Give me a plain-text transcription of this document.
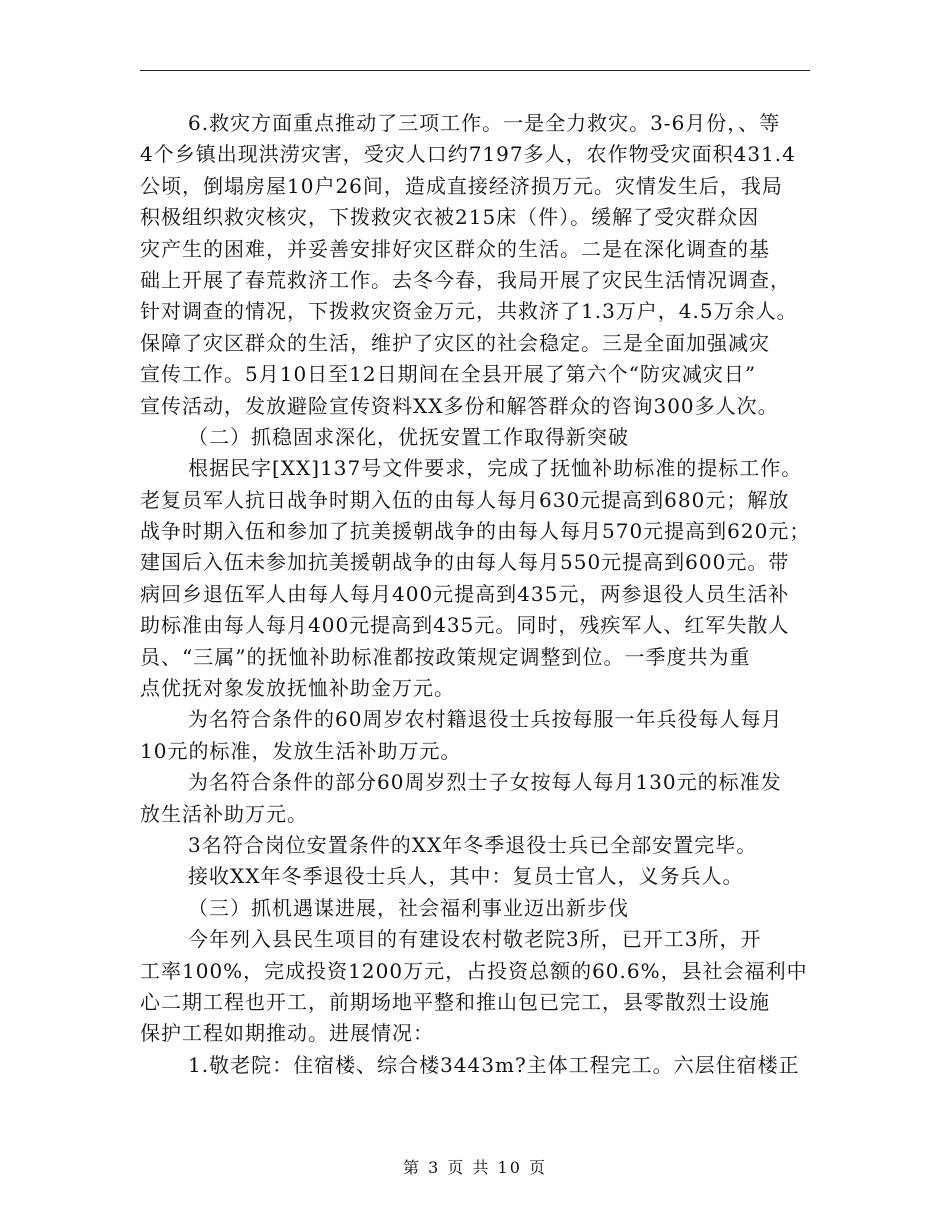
6.救灾方面重点推动了三项工作。一是全力救灾。3-6月份，、等
4个乡镇出现洪涝灾害，受灾人口约7197多人，农作物受灾面积431.4
公顷，倒塌房屋10户26间，造成直接经济损万元。灾情发生后，我局
积极组织救灾核灾，下拨救灾衣被215床（件）。缓解了受灾群众因
灾产生的困难，并妥善安排好灾区群众的生活。二是在深化调查的基
础上开展了春荒救济工作。去冬今春，我局开展了灾民生活情况调查，
针对调查的情况，下拨救灾资金万元，共救济了1.3万户，4.5万余人。
保障了灾区群众的生活，维护了灾区的社会稳定。三是全面加强减灾
宣传工作。5月10日至12日期间在全县开展了第六个“防灾减灾日”
宣传活动，发放避险宣传资料XX多份和解答群众的咨询300多人次。
（二）抓稳固求深化，优抚安置工作取得新突破
根据民字[XX]137号文件要求，完成了抚恤补助标准的提标工作。
老复员军人抗日战争时期入伍的由每人每月630元提高到680元；解放
战争时期入伍和参加了抗美援朝战争的由每人每月570元提高到620元；
建国后入伍未参加抗美援朝战争的由每人每月550元提高到600元。带
病回乡退伍军人由每人每月400元提高到435元，两参退役人员生活补
助标准由每人每月400元提高到435元。同时，残疾军人、红军失散人
员、“三属”的抚恤补助标准都按政策规定调整到位。一季度共为重
点优抚对象发放抚恤补助金万元。
为名符合条件的60周岁农村籍退役士兵按每服一年兵役每人每月
10元的标准，发放生活补助万元。
为名符合条件的部分60周岁烈士子女按每人每月130元的标准发
放生活补助万元。
3名符合岗位安置条件的XX年冬季退役士兵已全部安置完毕。
接收XX年冬季退役士兵人，其中：复员士官人，义务兵人。
（三）抓机遇谋进展，社会福利事业迈出新步伐
今年列入县民生项目的有建设农村敬老院3所，已开工3所，开
工率100%，完成投资1200万元，占投资总额的60.6%，县社会福利中
心二期工程也开工，前期场地平整和推山包已完工，县零散烈士设施
保护工程如期推动。进展情况：
1.敬老院：住宿楼、综合楼3443m?主体工程完工。六层住宿楼正
第 3 页 共 10 页
